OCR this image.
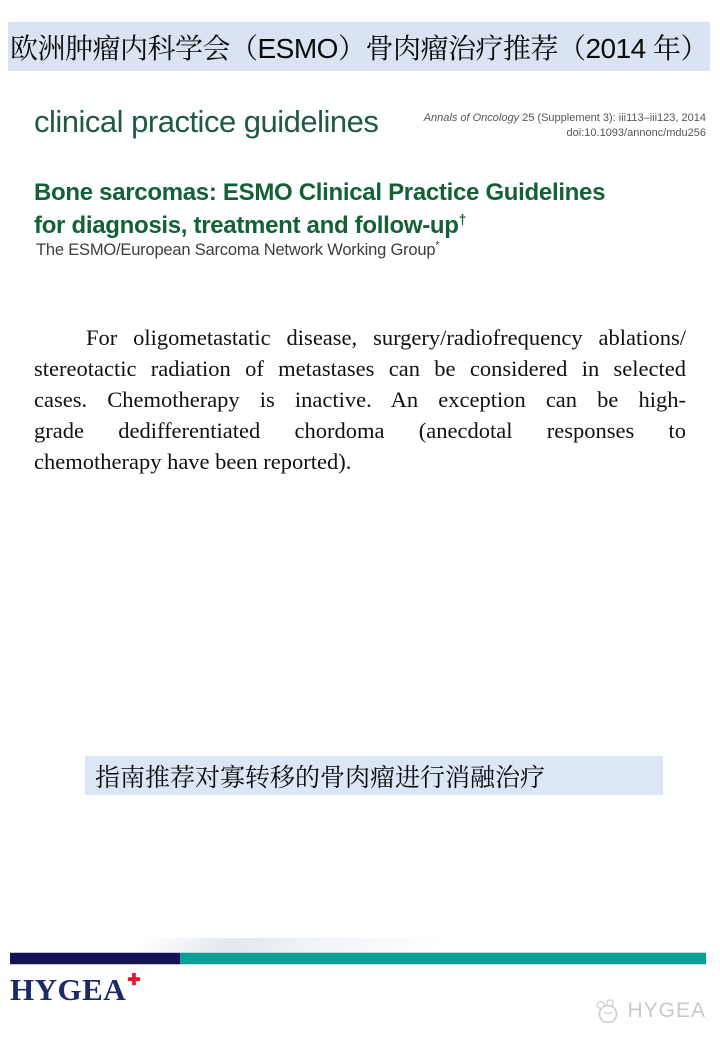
欧洲肿瘤内科学会（ESMO）骨肉瘤治疗推荐（2014 年）
clinical practice guidelines	Annals of Oncology 25 (Supplement 3): iii113–iii123, 2014
doi:10.1093/annonc/mdu256
Bone sarcomas: ESMO Clinical Practice Guidelines
for diagnosis, treatment and follow-up†
The ESMO/European Sarcoma Network Working Group*
For oligometastatic disease, surgery/radiofrequency ablations/
stereotactic radiation of metastases can be considered in selected
cases. Chemotherapy is inactive. An exception can be high-
grade dedifferentiated chordoma (anecdotal responses to
chemotherapy have been reported).
指南推荐对寡转移的骨肉瘤进行消融治疗
HYGEA✚
HYGEA
